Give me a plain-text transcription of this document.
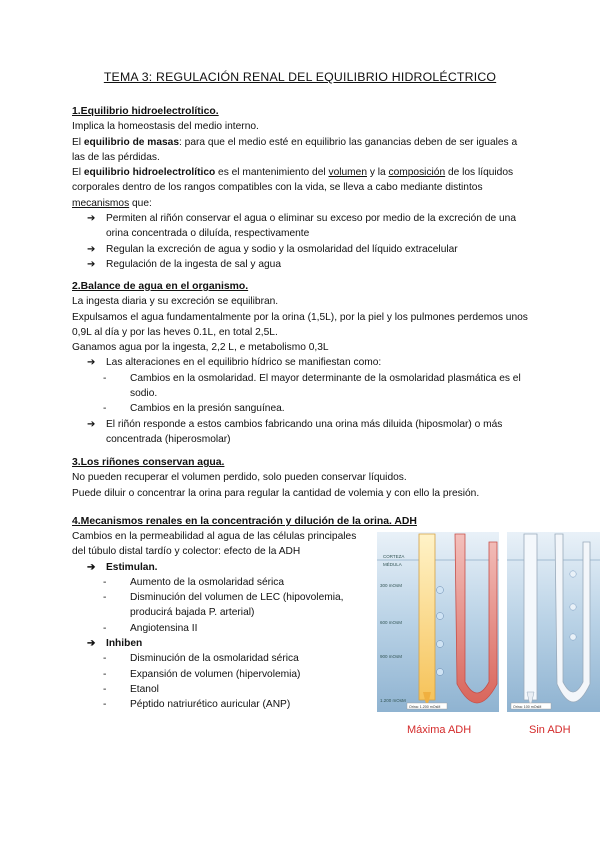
TEMA 3: REGULACIÓN RENAL DEL EQUILIBRIO HIDROLÉCTRICO

1.Equilibrio hidroelectrolítico.

Implica la homeostasis del medio interno.

El equilibrio de masas: para que el medio esté en equilibrio las ganancias deben de ser iguales a las de las pérdidas.

El equilibrio hidroelectrolítico es el mantenimiento del volumen y la composición de los líquidos corporales dentro de los rangos compatibles con la vida, se lleva a cabo mediante distintos mecanismos que:

➔ Permiten al riñón conservar el agua o eliminar su exceso por medio de la excreción de una orina concentrada o diluída, respectivamente

➔ Regulan la excreción de agua y sodio y la osmolaridad del líquido extracelular

➔ Regulación de la ingesta de sal y agua

2.Balance de agua en el organismo.

La ingesta diaria y su excreción se equilibran.

Expulsamos el agua fundamentalmente por la orina (1,5L), por la piel y los pulmones perdemos unos 0,9L al día y por las heves 0.1L, en total 2,5L.

Ganamos agua por la ingesta, 2,2 L, e metabolismo 0,3L

➔ Las alteraciones en el equilibrio hídrico se manifiestan como:

- Cambios en la osmolaridad. El mayor determinante de la osmolaridad plasmática es el sodio.

- Cambios en la presión sanguínea.

➔ El riñón responde a estos cambios fabricando una orina más diluida (hiposmolar) o más concentrada (hiperosmolar)

3.Los riñones conservan agua.

No pueden recuperar el volumen perdido, solo pueden conservar líquidos.

Puede diluir o concentrar la orina para regular la cantidad de volemia y con ello la presión.

4.Mecanismos renales en la concentración y dilución de la orina. ADH

Cambios en la permeabilidad al agua de las células principales del túbulo distal tardío y colector: efecto de la ADH

➔ Estimulan.

- Aumento de la osmolaridad sérica

- Disminución del volumen de LEC (hipovolemia, producirá bajada P. arterial)

- Angiotensina II

➔ Inhiben

- Disminución de la osmolaridad sérica

- Expansión de volumen (hipervolemia)

- Etanol

- Péptido natriurético auricular (ANP)

CORTEZA
MÉDULA
300 mOsM
600 mOsM
900 mOsM
1.200 mOsM
Orina: 1.200 mOsM	Orina: 100 mOsM
Máxima ADH	Sin ADH
